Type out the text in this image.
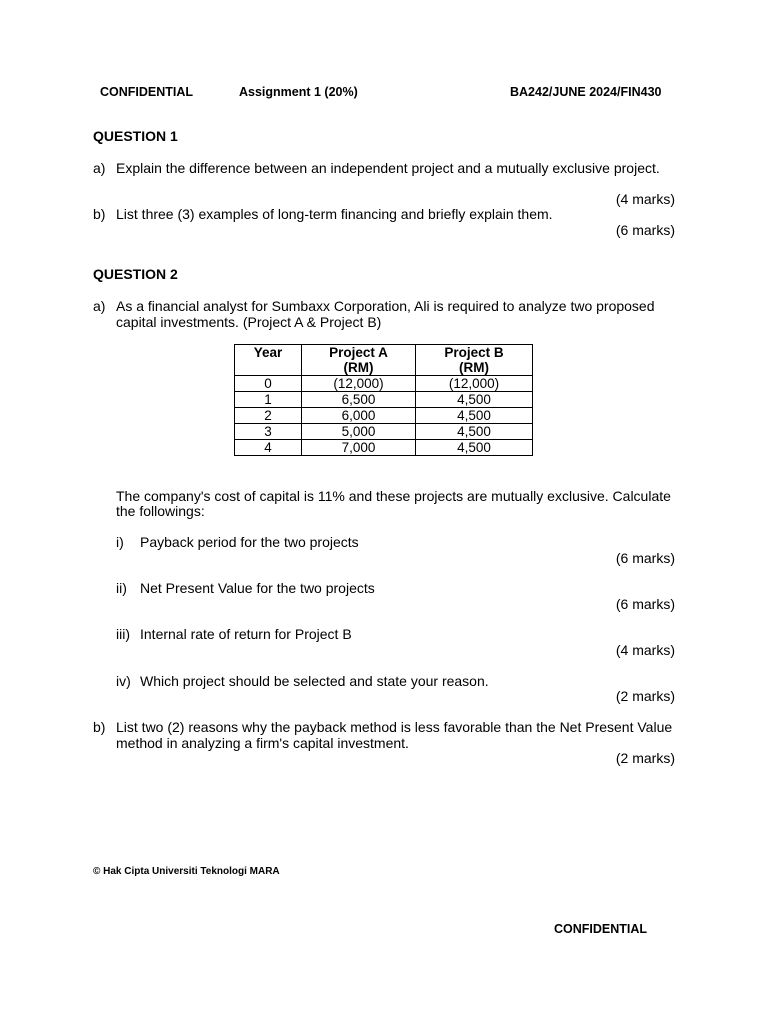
CONFIDENTIAL	Assignment 1 (20%)	BA242/JUNE 2024/FIN430
QUESTION 1
a) Explain the difference between an independent project and a mutually exclusive project.
(4 marks)
b) List three (3) examples of long-term financing and briefly explain them.
(6 marks)
QUESTION 2
a) As a financial analyst for Sumbaxx Corporation, Ali is required to analyze two proposed
capital investments. (Project A & Project B)
Year	Project A	Project B
	(RM)	(RM)
0	(12,000)	(12,000)
1	6,500	4,500
2	6,000	4,500
3	5,000	4,500
4	7,000	4,500
The company's cost of capital is 11% and these projects are mutually exclusive. Calculate
the followings:
i) Payback period for the two projects
(6 marks)
ii) Net Present Value for the two projects
(6 marks)
iii) Internal rate of return for Project B
(4 marks)
iv) Which project should be selected and state your reason.
(2 marks)
b) List two (2) reasons why the payback method is less favorable than the Net Present Value
method in analyzing a firm's capital investment.
(2 marks)
© Hak Cipta Universiti Teknologi MARA
CONFIDENTIAL
